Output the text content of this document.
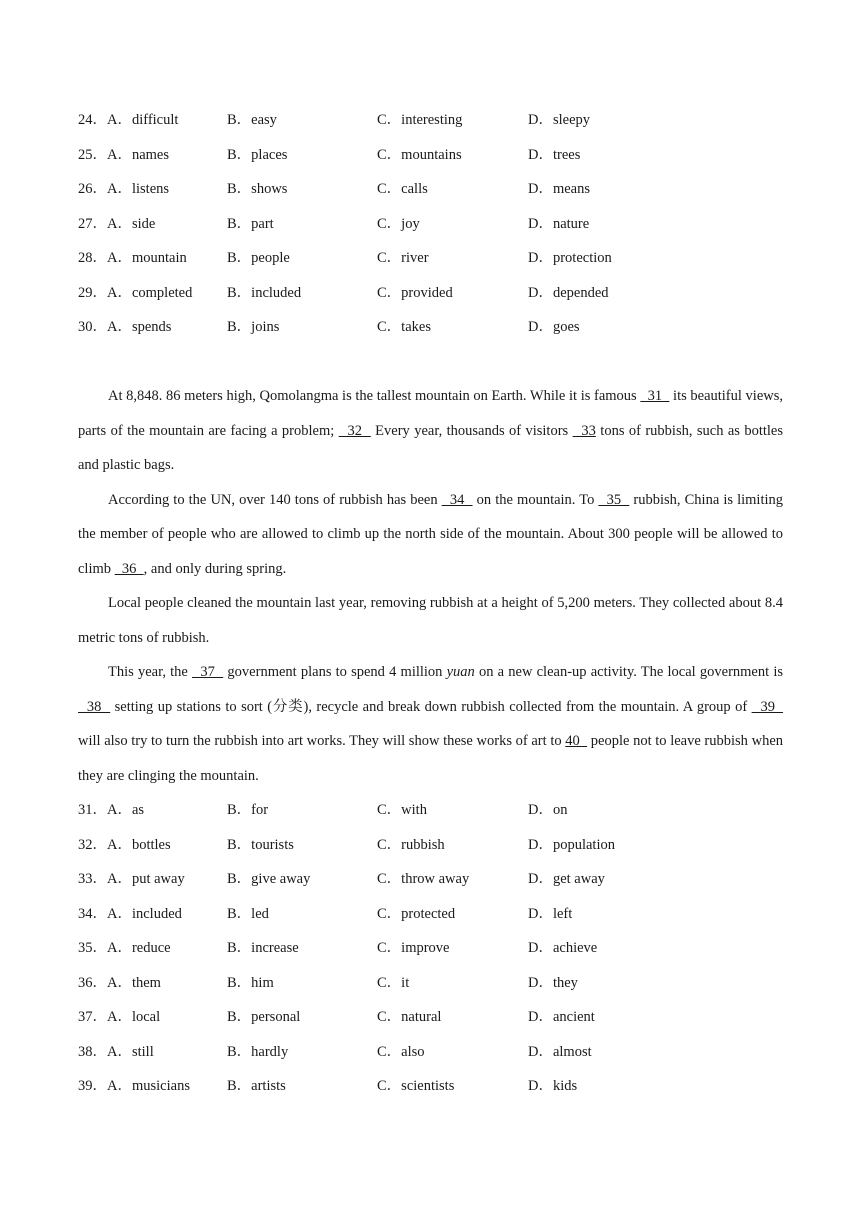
24． A．difficult	B．easy	C．interesting	D．sleepy
25． A．names	B．places	C．mountains	D．trees
26． A．listens	B．shows	C．calls	D．means
27． A．side	B．part	C．joy	D．nature
28． A．mountain	B．people	C．river	D．protection
29． A．completed B．included	C．provided	D．depended
30． A．spends	B．joins	C．takes	D．goes

At 8,848. 86 meters high, Qomolangma is the tallest mountain on Earth. While it is famous   31   its beautiful views, parts of the mountain are facing a problem;   32   Every year, thousands of visitors   33 tons of rubbish, such as bottles and plastic bags.

According to the UN, over 140 tons of rubbish has been   34   on the mountain. To   35   rubbish, China is limiting the member of people who are allowed to climb up the north side of the mountain. About 300 people will be allowed to climb   36  , and only during spring.

Local people cleaned the mountain last year, removing rubbish at a height of 5,200 meters. They collected about 8.4 metric tons of rubbish.

This year, the   37   government plans to spend 4 million yuan on a new clean-up activity. The local government is   38   setting up stations to sort (分类), recycle and break down rubbish collected from the mountain. A group of   39   will also try to turn the rubbish into art works. They will show these works of art to 40   people not to leave rubbish when they are clinging the mountain.

31． A．as	B．for	C．with	D．on
32． A．bottles	B．tourists	C．rubbish	D．population
33． A．put away	B．give away	C．throw away	D．get away
34． A．included	B．led	C．protected	D．left
35． A．reduce	B．increase	C．improve	D．achieve
36． A．them	B．him	C．it	D．they
37． A．local	B．personal	C．natural	D．ancient
38． A．still	B．hardly	C．also	D．almost
39． A．musicians	B．artists	C．scientists	D．kids
